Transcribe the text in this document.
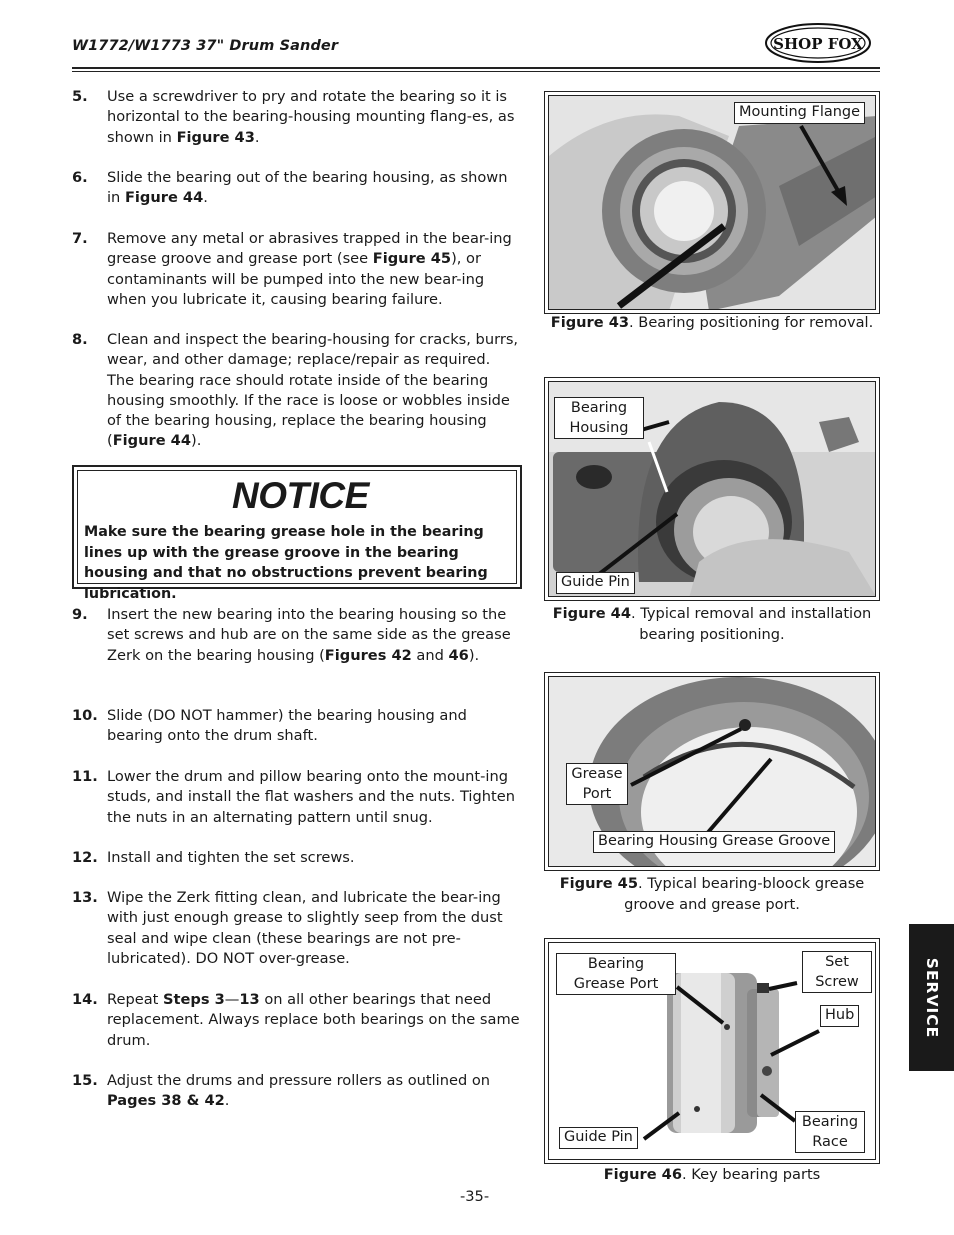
W1772/W1773 37" Drum Sander	SHOP FOX
5. Use a screwdriver to pry and rotate the bearing so it is horizontal to the bearing-housing mounting flang-es, as shown in Figure 43.
6. Slide the bearing out of the bearing housing, as shown in Figure 44.
7. Remove any metal or abrasives trapped in the bear-ing grease groove and grease port (see Figure 45), or contaminants will be pumped into the new bear-ing when you lubricate it, causing bearing failure.
8. Clean and inspect the bearing-housing for cracks, burrs, wear, and other damage; replace/repair as required. The bearing race should rotate inside of the bearing housing smoothly. If the race is loose or wobbles inside of the bearing housing, replace the bearing housing (Figure 44).
NOTICE
Make sure the bearing grease hole in the bearing lines up with the grease groove in the bearing housing and that no obstructions prevent bearing lubrication.
9. Insert the new bearing into the bearing housing so the set screws and hub are on the same side as the grease Zerk on the bearing housing (Figures 42 and 46).
10. Slide (DO NOT hammer) the bearing housing and bearing onto the drum shaft.
11. Lower the drum and pillow bearing onto the mount-ing studs, and install the flat washers and the nuts. Tighten the nuts in an alternating pattern until snug.
12. Install and tighten the set screws.
13. Wipe the Zerk fitting clean, and lubricate the bear-ing with just enough grease to slightly seep from the dust seal and wipe clean (these bearings are not pre-lubricated). DO NOT over-grease.
14. Repeat Steps 3—13 on all other bearings that need replacement. Always replace both bearings on the same drum.
15. Adjust the drums and pressure rollers as outlined on Pages 38 & 42.
Mounting Flange
Figure 43. Bearing positioning for removal.
Bearing Housing
Guide Pin
Figure 44. Typical removal and installation bearing positioning.
Grease Port
Bearing Housing Grease Groove
Figure 45. Typical bearing-bloock grease groove and grease port.
Bearing Grease Port
Set Screw
Hub
Guide Pin
Bearing Race
Figure 46. Key bearing parts
SERVICE
-35-
